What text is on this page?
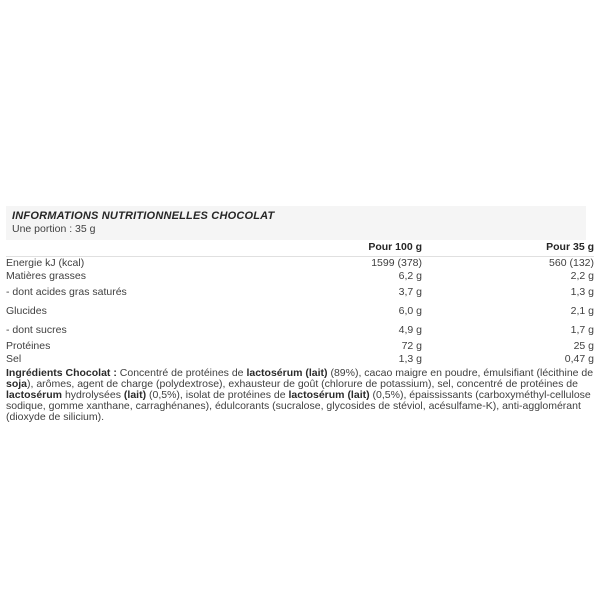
INFORMATIONS NUTRITIONNELLES CHOCOLAT
Une portion : 35 g
	Pour 100 g	Pour 35 g
Energie kJ (kcal)	1599 (378)	560 (132)
Matières grasses	6,2 g	2,2 g
- dont acides gras saturés	3,7 g	1,3 g
Glucides	6,0 g	2,1 g
- dont sucres	4,9 g	1,7 g
Protéines	72 g	25 g
Sel	1,3 g	0,47 g

Ingrédients Chocolat : Concentré de protéines de lactosérum (lait) (89%), cacao maigre en poudre, émulsifiant (lécithine de soja), arômes, agent de charge (polydextrose), exhausteur de goût (chlorure de potassium), sel, concentré de protéines de lactosérum hydrolysées (lait) (0,5%), isolat de protéines de lactosérum (lait) (0,5%), épaississants (carboxyméthyl-cellulose sodique, gomme xanthane, carraghénanes), édulcorants (sucralose, glycosides de stéviol, acésulfame-K), anti-agglomérant (dioxyde de silicium).
